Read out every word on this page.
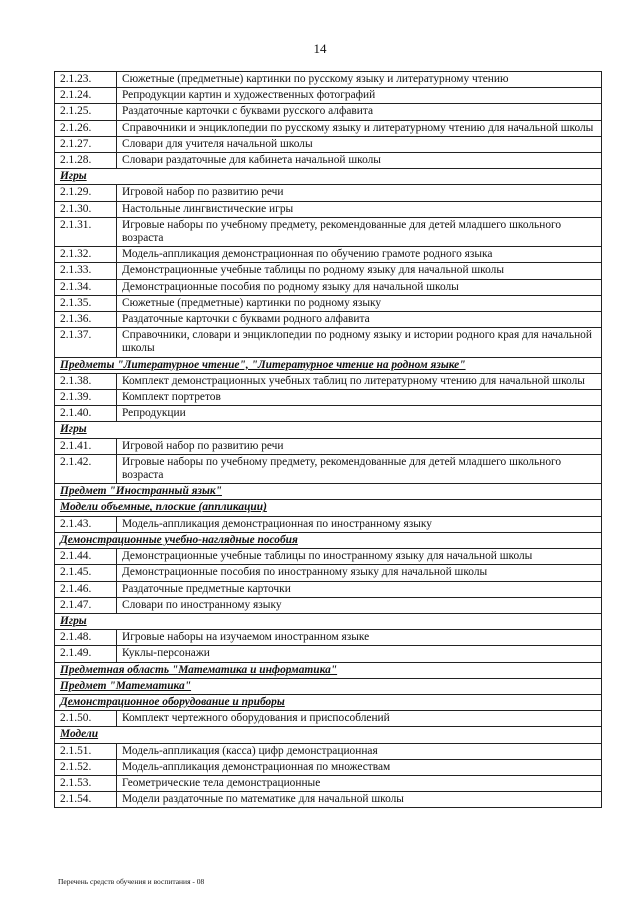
14
2.1.23.	Сюжетные (предметные) картинки по русскому языку и литературному чтению
2.1.24.	Репродукции картин и художественных фотографий
2.1.25.	Раздаточные карточки с буквами русского алфавита
2.1.26.	Справочники и энциклопедии по русскому языку и литературному чтению для начальной школы
2.1.27.	Словари для учителя начальной школы
2.1.28.	Словари раздаточные для кабинета начальной школы
Игры	
2.1.29.	Игровой набор по развитию речи
2.1.30.	Настольные лингвистические игры
2.1.31.	Игровые наборы по учебному предмету, рекомендованные для детей младшего школьного возраста
2.1.32.	Модель-аппликация демонстрационная по обучению грамоте родного языка
2.1.33.	Демонстрационные учебные таблицы по родному языку для начальной школы
2.1.34.	Демонстрационные пособия по родному языку для начальной школы
2.1.35.	Сюжетные (предметные) картинки по родному языку
2.1.36.	Раздаточные карточки с буквами родного алфавита
2.1.37.	Справочники, словари и энциклопедии по родному языку и истории родного края для начальной школы
Предметы "Литературное чтение", "Литературное чтение на родном языке"	
2.1.38.	Комплект демонстрационных учебных таблиц по литературному чтению для начальной школы
2.1.39.	Комплект портретов
2.1.40.	Репродукции
Игры	
2.1.41.	Игровой набор по развитию речи
2.1.42.	Игровые наборы по учебному предмету, рекомендованные для детей младшего школьного возраста
Предмет "Иностранный язык"	
Модели объемные, плоские (аппликации)	
2.1.43.	Модель-аппликация демонстрационная по иностранному языку
Демонстрационные учебно-наглядные пособия	
2.1.44.	Демонстрационные учебные таблицы по иностранному языку для начальной школы
2.1.45.	Демонстрационные пособия по иностранному языку для начальной школы
2.1.46.	Раздаточные предметные карточки
2.1.47.	Словари по иностранному языку
Игры	
2.1.48.	Игровые наборы на изучаемом иностранном языке
2.1.49.	Куклы-персонажи
Предметная область "Математика и информатика"	
Предмет "Математика"	
Демонстрационное оборудование и приборы	
2.1.50.	Комплект чертежного оборудования и приспособлений
Модели	
2.1.51.	Модель-аппликация (касса) цифр демонстрационная
2.1.52.	Модель-аппликация демонстрационная по множествам
2.1.53.	Геометрические тела демонстрационные
2.1.54.	Модели раздаточные по математике для начальной школы
Перечень средств обучения и воспитания - 08
